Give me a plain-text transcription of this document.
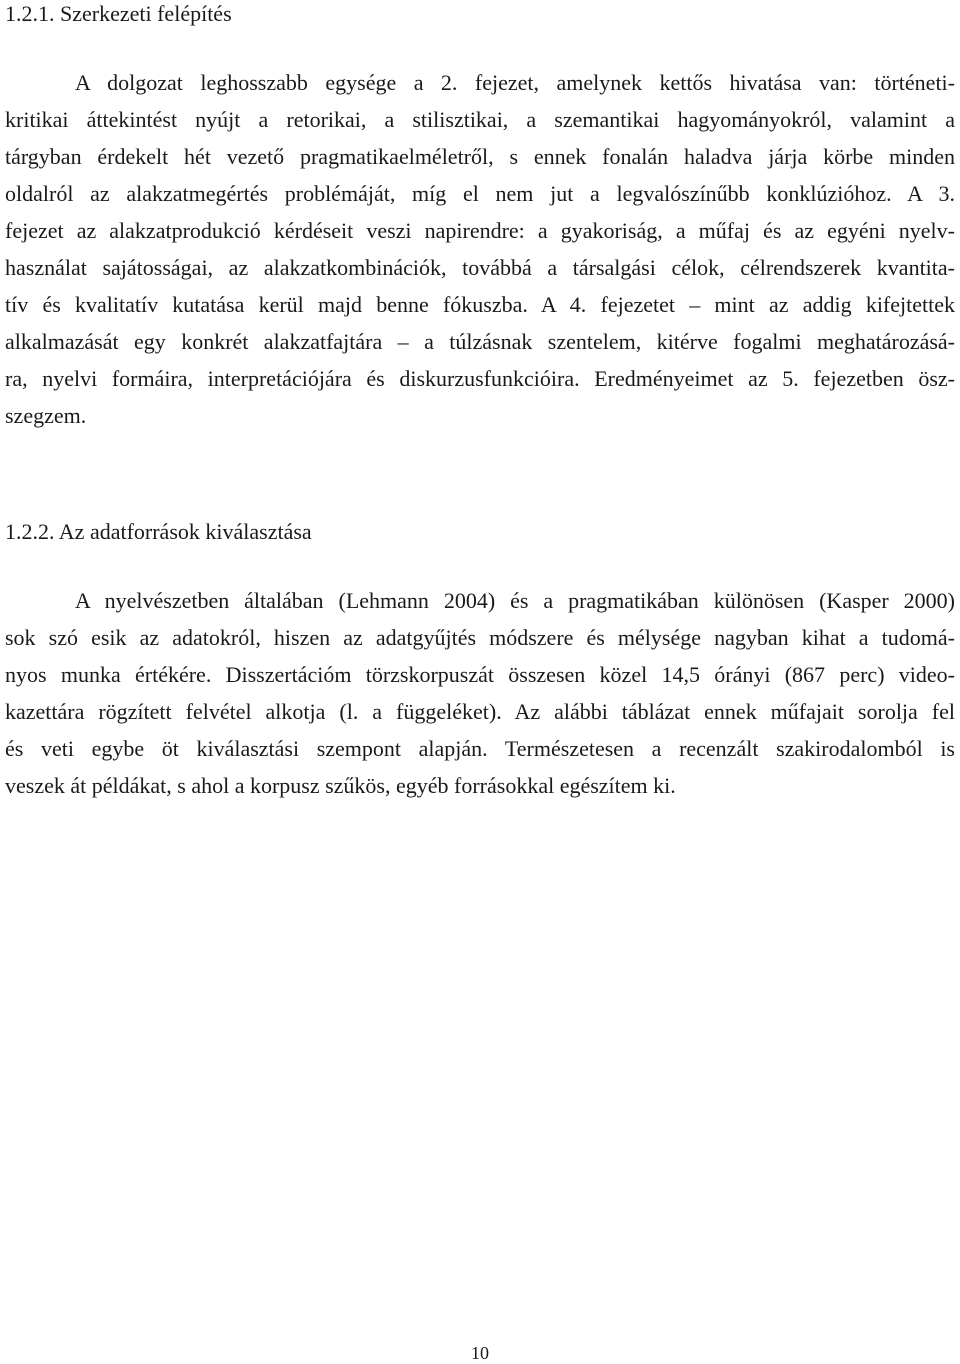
1.2.1. Szerkezeti felépítés
A dolgozat leghosszabb egysége a 2. fejezet, amelynek kettős hivatása van: történeti-
kritikai áttekintést nyújt a retorikai, a stilisztikai, a szemantikai hagyományokról, valamint a
tárgyban érdekelt hét vezető pragmatikaelméletről, s ennek fonalán haladva járja körbe minden
oldalról az alakzatmegértés problémáját, míg el nem jut a legvalószínűbb konklúzióhoz. A 3.
fejezet az alakzatprodukció kérdéseit veszi napirendre: a gyakoriság, a műfaj és az egyéni nyelv-
használat sajátosságai, az alakzatkombinációk, továbbá a társalgási célok, célrendszerek kvantita-
tív és kvalitatív kutatása kerül majd benne fókuszba. A 4. fejezetet – mint az addig kifejtettek
alkalmazását egy konkrét alakzatfajtára – a túlzásnak szentelem, kitérve fogalmi meghatározásá-
ra, nyelvi formáira, interpretációjára és diskurzusfunkcióira. Eredményeimet az 5. fejezetben ösz-
szegzem.
1.2.2. Az adatforrások kiválasztása
A nyelvészetben általában (Lehmann 2004) és a pragmatikában különösen (Kasper 2000)
sok szó esik az adatokról, hiszen az adatgyűjtés módszere és mélysége nagyban kihat a tudomá-
nyos munka értékére. Disszertációm törzskorpuszát összesen közel 14,5 órányi (867 perc) video-
kazettára rögzített felvétel alkotja (l. a függeléket). Az alábbi táblázat ennek műfajait sorolja fel
és veti egybe öt kiválasztási szempont alapján. Természetesen a recenzált szakirodalomból is
veszek át példákat, s ahol a korpusz szűkös, egyéb forrásokkal egészítem ki.
10
